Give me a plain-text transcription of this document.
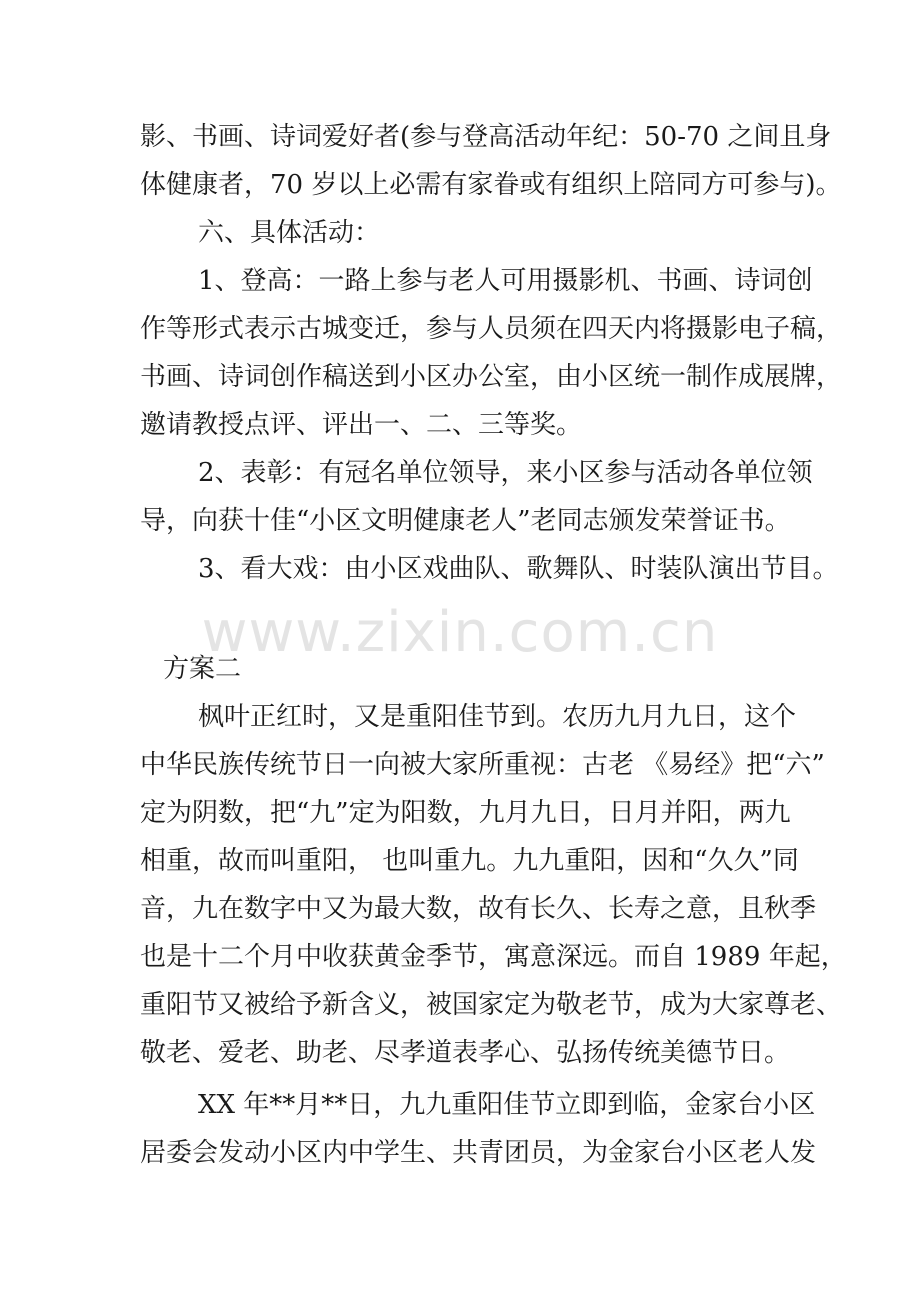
www.zixin.com.cn
影、书画、诗词爱好者(参与登高活动年纪：50-70 之间且身
体健康者，70 岁以上必需有家眷或有组织上陪同方可参与)。
六、具体活动：
1、登高：一路上参与老人可用摄影机、书画、诗词创
作等形式表示古城变迁，参与人员须在四天内将摄影电子稿，
书画、诗词创作稿送到小区办公室，由小区统一制作成展牌，
邀请教授点评、评出一、二、三等奖。
2、表彰：有冠名单位领导，来小区参与活动各单位领
导，向获十佳“小区文明健康老人”老同志颁发荣誉证书。
3、看大戏：由小区戏曲队、歌舞队、时装队演出节目。
方案二
枫叶正红时，又是重阳佳节到。农历九月九日，这个
中华民族传统节日一向被大家所重视：古老 《易经》把“六”
定为阴数，把“九”定为阳数，九月九日，日月并阳，两九
相重，故而叫重阳， 也叫重九。九九重阳，因和“久久”同
音，九在数字中又为最大数，故有长久、长寿之意，且秋季
也是十二个月中收获黄金季节，寓意深远。而自 1989 年起，
重阳节又被给予新含义，被国家定为敬老节，成为大家尊老、
敬老、爱老、助老、尽孝道表孝心、弘扬传统美德节日。
XX 年**月**日，九九重阳佳节立即到临，金家台小区
居委会发动小区内中学生、共青团员，为金家台小区老人发
